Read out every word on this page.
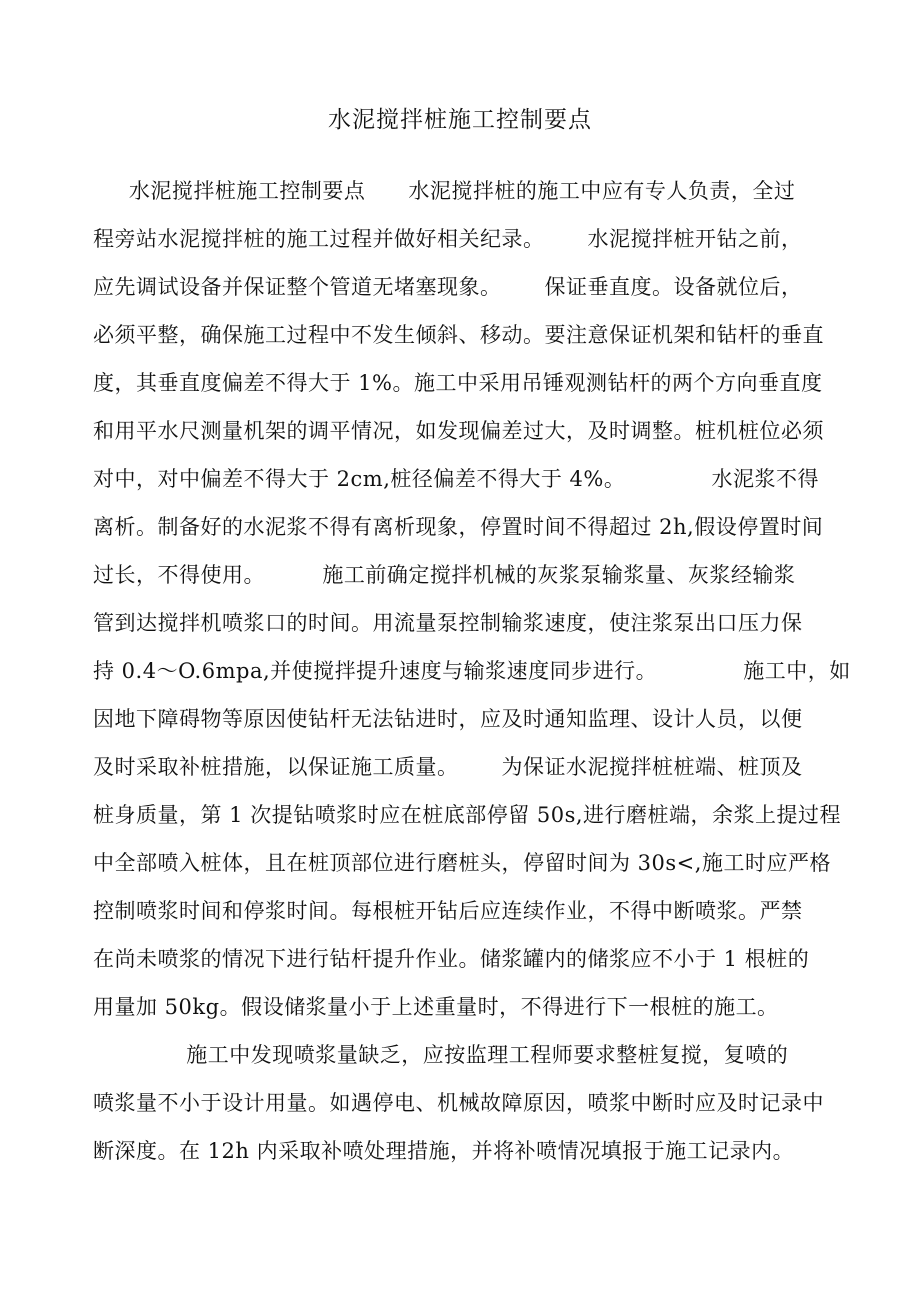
水泥搅拌桩施工控制要点
水泥搅拌桩施工控制要点      水泥搅拌桩的施工中应有专人负责，全过
程旁站水泥搅拌桩的施工过程并做好相关纪录。      水泥搅拌桩开钻之前，
应先调试设备并保证整个管道无堵塞现象。      保证垂直度。设备就位后，
必须平整，确保施工过程中不发生倾斜、移动。要注意保证机架和钻杆的垂直
度，其垂直度偏差不得大于 1%。施工中采用吊锤观测钻杆的两个方向垂直度
和用平水尺测量机架的调平情况，如发现偏差过大，及时调整。桩机桩位必须
对中，对中偏差不得大于 2cm,桩径偏差不得大于 4%。            水泥浆不得
离析。制备好的水泥浆不得有离析现象，停置时间不得超过 2h,假设停置时间
过长，不得使用。        施工前确定搅拌机械的灰浆泵输浆量、灰浆经输浆
管到达搅拌机喷浆口的时间。用流量泵控制输浆速度，使注浆泵出口压力保
持 0.4～O.6mpa,并使搅拌提升速度与输浆速度同步进行。            施工中，如
因地下障碍物等原因使钻杆无法钻进时，应及时通知监理、设计人员，以便
及时采取补桩措施，以保证施工质量。      为保证水泥搅拌桩桩端、桩顶及
桩身质量，第 1 次提钻喷浆时应在桩底部停留 50s,进行磨桩端，余浆上提过程
中全部喷入桩体，且在桩顶部位进行磨桩头，停留时间为 30s<,施工时应严格
控制喷浆时间和停浆时间。每根桩开钻后应连续作业，不得中断喷浆。严禁
在尚未喷浆的情况下进行钻杆提升作业。储浆罐内的储浆应不小于 1 根桩的
用量加 50kg。假设储浆量小于上述重量时，不得进行下一根桩的施工。
施工中发现喷浆量缺乏，应按监理工程师要求整桩复搅，复喷的
喷浆量不小于设计用量。如遇停电、机械故障原因，喷浆中断时应及时记录中
断深度。在 12h 内采取补喷处理措施，并将补喷情况填报于施工记录内。
